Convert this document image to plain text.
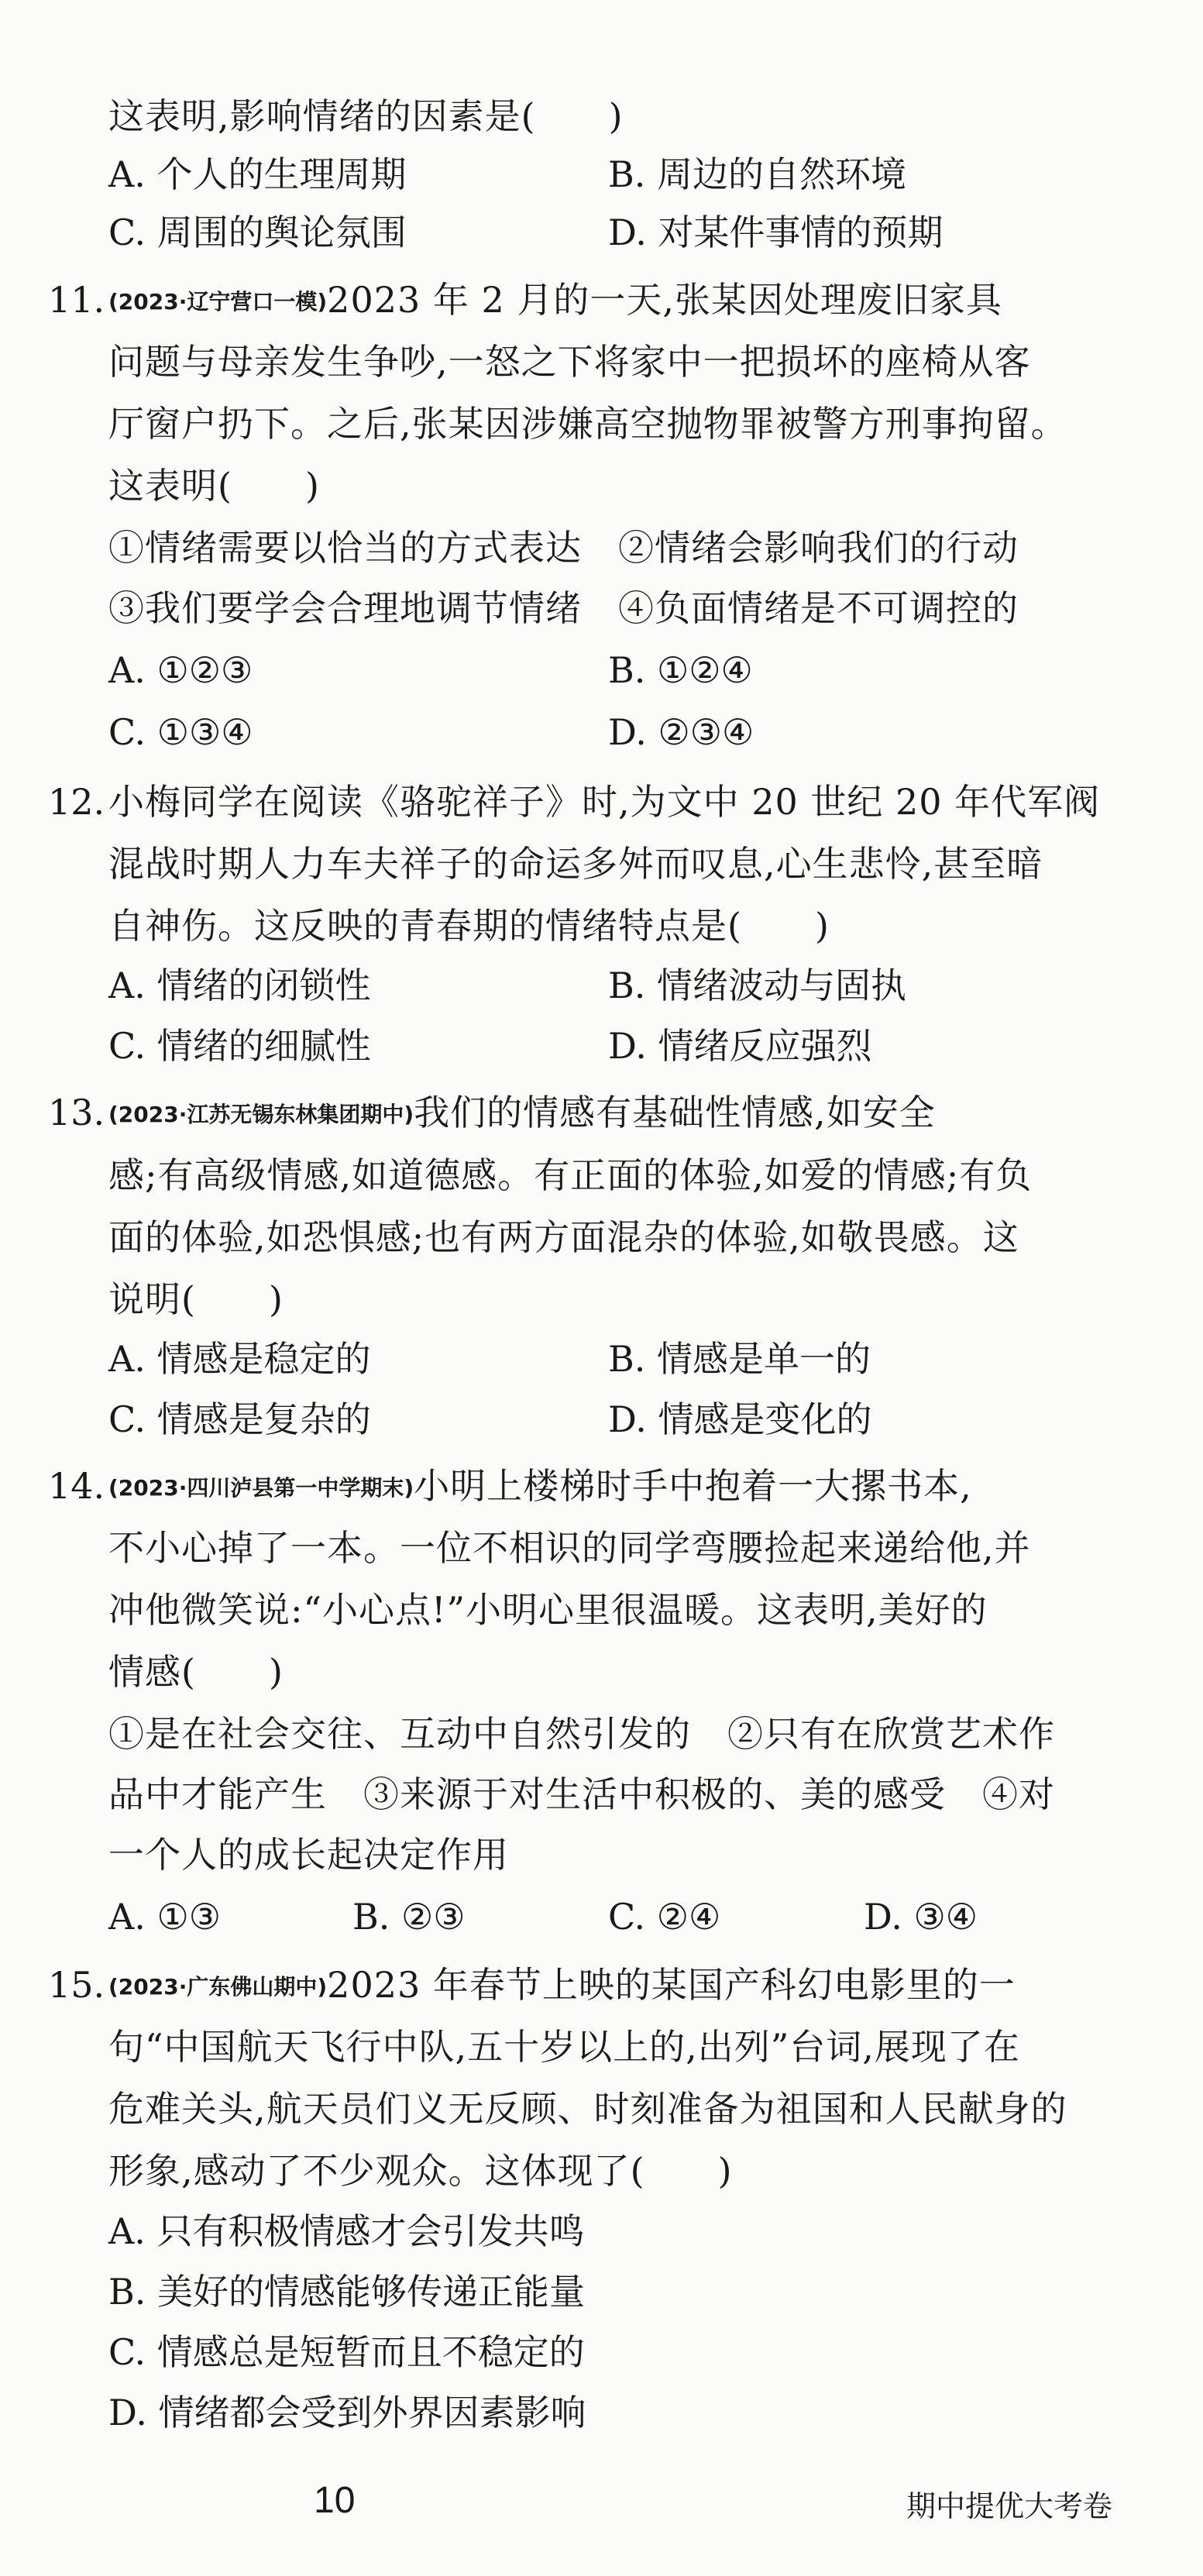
这表明,影响情绪的因素是(　　)
A. 个人的生理周期	B. 周边的自然环境
C. 周围的舆论氛围	D. 对某件事情的预期
11. (2023·辽宁营口一模)2023 年 2 月的一天,张某因处理废旧家具
问题与母亲发生争吵,一怒之下将家中一把损坏的座椅从客
厅窗户扔下。之后,张某因涉嫌高空抛物罪被警方刑事拘留。
这表明(　　)
①情绪需要以恰当的方式表达　②情绪会影响我们的行动
③我们要学会合理地调节情绪　④负面情绪是不可调控的
A. ①②③	B. ①②④
C. ①③④	D. ②③④
12. 小梅同学在阅读《骆驼祥子》时,为文中 20 世纪 20 年代军阀
混战时期人力车夫祥子的命运多舛而叹息,心生悲怜,甚至暗
自神伤。这反映的青春期的情绪特点是(　　)
A. 情绪的闭锁性	B. 情绪波动与固执
C. 情绪的细腻性	D. 情绪反应强烈
13. (2023·江苏无锡东林集团期中)我们的情感有基础性情感,如安全
感;有高级情感,如道德感。有正面的体验,如爱的情感;有负
面的体验,如恐惧感;也有两方面混杂的体验,如敬畏感。这
说明(　　)
A. 情感是稳定的	B. 情感是单一的
C. 情感是复杂的	D. 情感是变化的
14. (2023·四川泸县第一中学期末)小明上楼梯时手中抱着一大摞书本,
不小心掉了一本。一位不相识的同学弯腰捡起来递给他,并
冲他微笑说:“小心点!”小明心里很温暖。这表明,美好的
情感(　　)
①是在社会交往、互动中自然引发的　②只有在欣赏艺术作
品中才能产生　③来源于对生活中积极的、美的感受　④对
一个人的成长起决定作用
A. ①③	B. ②③	C. ②④	D. ③④
15. (2023·广东佛山期中)2023 年春节上映的某国产科幻电影里的一
句“中国航天飞行中队,五十岁以上的,出列”台词,展现了在
危难关头,航天员们义无反顾、时刻准备为祖国和人民献身的
形象,感动了不少观众。这体现了(　　)
A. 只有积极情感才会引发共鸣
B. 美好的情感能够传递正能量
C. 情感总是短暂而且不稳定的
D. 情绪都会受到外界因素影响
10	期中提优大考卷
